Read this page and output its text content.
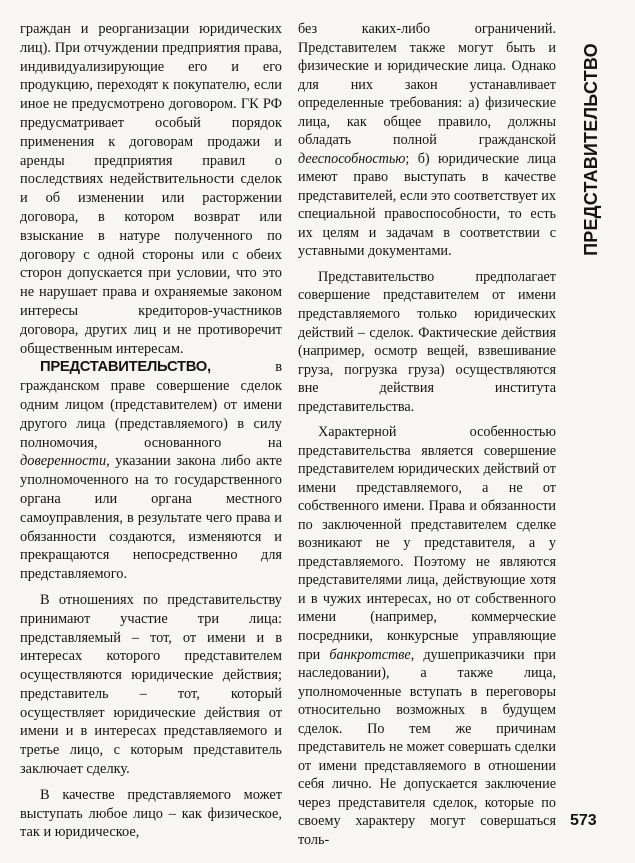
граждан и реорганизации юридических лиц). При отчуждении предприятия права, индивидуализирующие его и его продукцию, переходят к покупателю, если иное не предусмотрено договором. ГК РФ предусматривает особый порядок применения к договорам продажи и аренды предприятия правил о последствиях недействительности сделок и об изменении или расторжении договора, в котором возврат или взыскание в натуре полученного по договору с одной стороны или с обеих сторон допускается при условии, что это не нарушает права и охраняемые законом интересы кредиторов-участников договора, других лиц и не противоречит общественным интересам.

ПРЕДСТАВИТЕЛЬСТВО, в гражданском праве совершение сделок одним лицом (представителем) от имени другого лица (представляемого) в силу полномочия, основанного на доверенности, указании закона либо акте уполномоченного на то государственного органа или органа местного самоуправления, в результате чего права и обязанности создаются, изменяются и прекращаются непосредственно для представляемого.

В отношениях по представительству принимают участие три лица: представляемый – тот, от имени и в интересах которого представителем осуществляются юридические действия; представитель – тот, который осуществляет юридические действия от имени и в интересах представляемого и третье лицо, с которым представитель заключает сделку.

В качестве представляемого может выступать любое лицо – как физическое, так и юридическое,

без каких-либо ограничений. Представителем также могут быть и физические и юридические лица. Однако для них закон устанавливает определенные требования: а) физические лица, как общее правило, должны обладать полной гражданской дееспособностью; б) юридические лица имеют право выступать в качестве представителей, если это соответствует их специальной правоспособности, то есть их целям и задачам в соответствии с уставными документами.

Представительство предполагает совершение представителем от имени представляемого только юридических действий – сделок. Фактические действия (например, осмотр вещей, взвешивание груза, погрузка груза) осуществляются вне действия института представительства.

Характерной особенностью представительства является совершение представителем юридических действий от имени представляемого, а не от собственного имени. Права и обязанности по заключенной представителем сделке возникают не у представителя, а у представляемого. Поэтому не являются представителями лица, действующие хотя и в чужих интересах, но от собственного имени (например, коммерческие посредники, конкурсные управляющие при банкротстве, душеприказчики при наследовании), а также лица, уполномоченные вступать в переговоры относительно возможных в будущем сделок. По тем же причинам представитель не может совершать сделки от имени представляемого в отношении себя лично. Не допускается заключение через представителя сделок, которые по своему характеру могут совершаться толь-

ПРЕДСТАВИТЕЛЬСТВО
573
